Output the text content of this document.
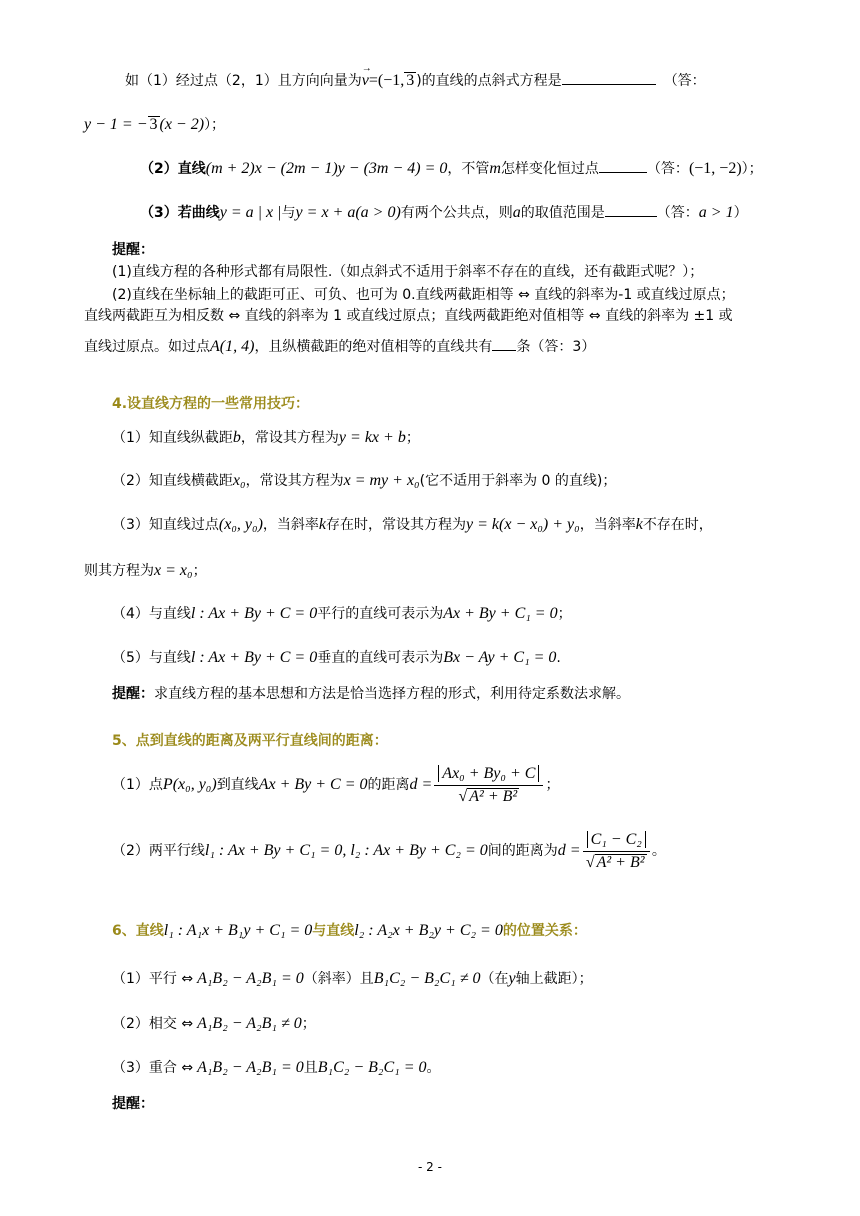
如（1）经过点（2，1）且方向向量为→ v=(−1, 3 )的直线的点斜式方程是	（答：
y − 1 = − 3 (x − 2)）；
（2）直线(m + 2)x − (2m − 1)y − (3m − 4) = 0，不管m怎样变化恒过点	（答：(−1, −2)）；
（3）若曲线y = a | x |与y = x + a(a > 0)有两个公共点，则a的取值范围是	（答：a > 1）
提醒：
(1)直线方程的各种形式都有局限性.（如点斜式不适用于斜率不存在的直线，还有截距式呢？）；
(2)直线在坐标轴上的截距可正、可负、也可为 0.直线两截距相等 ⇔ 直线的斜率为-1 或直线过原点；
直线两截距互为相反数 ⇔ 直线的斜率为 1 或直线过原点；直线两截距绝对值相等 ⇔ 直线的斜率为 ±1 或
直线过原点。如过点A(1, 4)，且纵横截距的绝对值相等的直线共有 条（答：3）
4.设直线方程的一些常用技巧：
（1）知直线纵截距b，常设其方程为y = kx + b；
（2）知直线横截距x₀，常设其方程为x = my + x₀(它不适用于斜率为 0 的直线)；
（3）知直线过点(x₀, y₀)，当斜率k存在时，常设其方程为y = k(x − x₀) + y₀，当斜率k不存在时，
则其方程为x = x₀；
（4）与直线l : Ax + By + C = 0平行的直线可表示为Ax + By + C₁ = 0；
（5）与直线l : Ax + By + C = 0垂直的直线可表示为Bx − Ay + C₁ = 0.
提醒：求直线方程的基本思想和方法是恰当选择方程的形式，利用待定系数法求解。
5、点到直线的距离及两平行直线间的距离：
（1）点P(x₀, y₀)到直线Ax + By + C = 0的距离$d = \frac{\text{Ax₀ + By₀ + C}}{\text{√ A² + B²}}$ ；
（2）两平行线l₁ : Ax + By + C₁ = 0, l₂ : Ax + By + C₂ = 0间的距离为$d = \frac{\text{C₁ − C₂}}{\text{√ A² + B²}}$ 。
6、直线l₁ : A₁x + B₁y + C₁ = 0与直线l₂ : A₂x + B₂y + C₂ = 0的位置关系：
（1）平行 ⇔ A₁B₂ − A₂B₁ = 0（斜率）且B₁C₂ − B₂C₁ ≠ 0（在y轴上截距）；
（2）相交 ⇔ A₁B₂ − A₂B₁ ≠ 0；
（3）重合 ⇔ A₁B₂ − A₂B₁ = 0且B₁C₂ − B₂C₁ = 0。
提醒：
- 2 -
